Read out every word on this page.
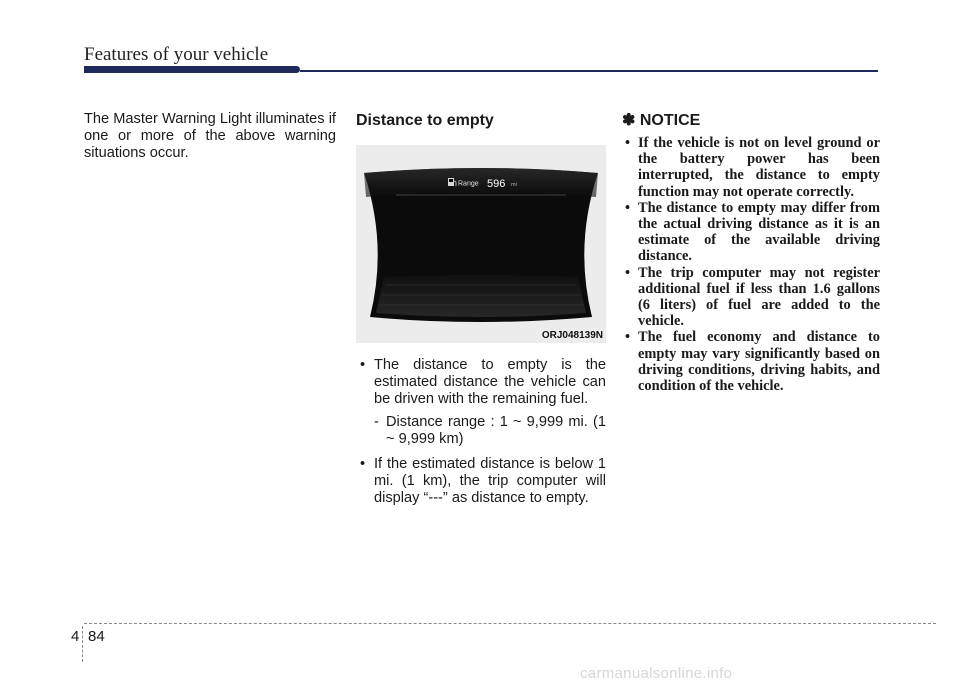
Features of your vehicle

The Master Warning Light illuminates if one or more of the above warning situations occur.

Distance to empty
Range 596 mi
ORJ048139N
• The distance to empty is the estimated distance the vehicle can be driven with the remaining fuel.
- Distance range : 1 ~ 9,999 mi. (1 ~ 9,999 km)
• If the estimated distance is below 1 mi. (1 km), the trip computer will display “---” as distance to empty.
✽ NOTICE
• If the vehicle is not on level ground or the battery power has been interrupted, the distance to empty function may not operate correctly.
• The distance to empty may differ from the actual driving distance as it is an estimate of the available driving distance.
• The trip computer may not register additional fuel if less than 1.6 gallons (6 liters) of fuel are added to the vehicle.
• The fuel economy and distance to empty may vary significantly based on driving conditions, driving habits, and condition of the vehicle.
4 84
carmanualsonline.info
